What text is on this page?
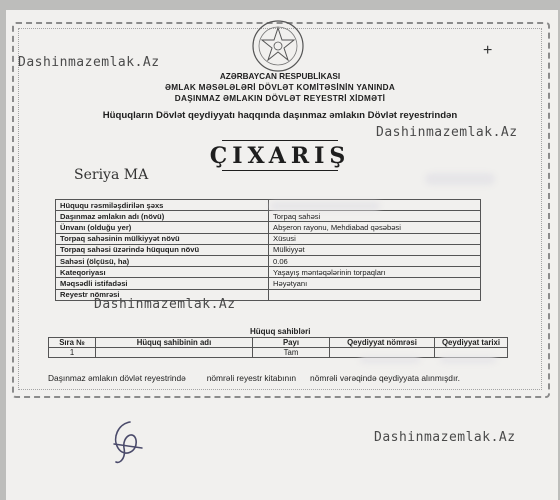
+
Dashinmazemlak.Az
AZƏRBAYCAN RESPUBLİKASI
ƏMLAK MƏSƏLƏLƏRİ DÖVLƏT KOMİTƏSİNİN YANINDA
DAŞINMAZ ƏMLAKIN DÖVLƏT REYESTRİ XİDMƏTİ
Hüquqların Dövlət qeydiyyatı haqqında daşınmaz əmlakın Dövlət reyestrindən
Dashinmazemlak.Az
ÇIXARIŞ
Seriya MA
Hüququ rəsmiləşdirilən şəxs	
Daşınmaz əmlakın adı (növü)	Torpaq sahəsi
Ünvanı (olduğu yer)	Abşeron rayonu, Mehdiabad qəsəbəsi
Torpaq sahəsinin mülkiyyət növü	Xüsusi
Torpaq sahəsi üzərində hüququn növü	Mülkiyyət
Sahəsi (ölçüsü, ha)	0.06
Kateqoriyası	Yaşayış məntəqələrinin torpaqları
Məqsədli istifadəsi	Həyətyanı
Reyestr nömrəsi	
Dashinmazemlak.Az
Hüquq sahibləri
Sıra №	Hüquq sahibinin adı	Payı	Qeydiyyat nömrəsi	Qeydiyyat tarixi
1		Tam		
Daşınmaz əmlakın dövlət reyestrində         nömrəli reyestr kitabının      nömrəli vərəqində qeydiyyata alınmışdır.
Dashinmazemlak.Az
